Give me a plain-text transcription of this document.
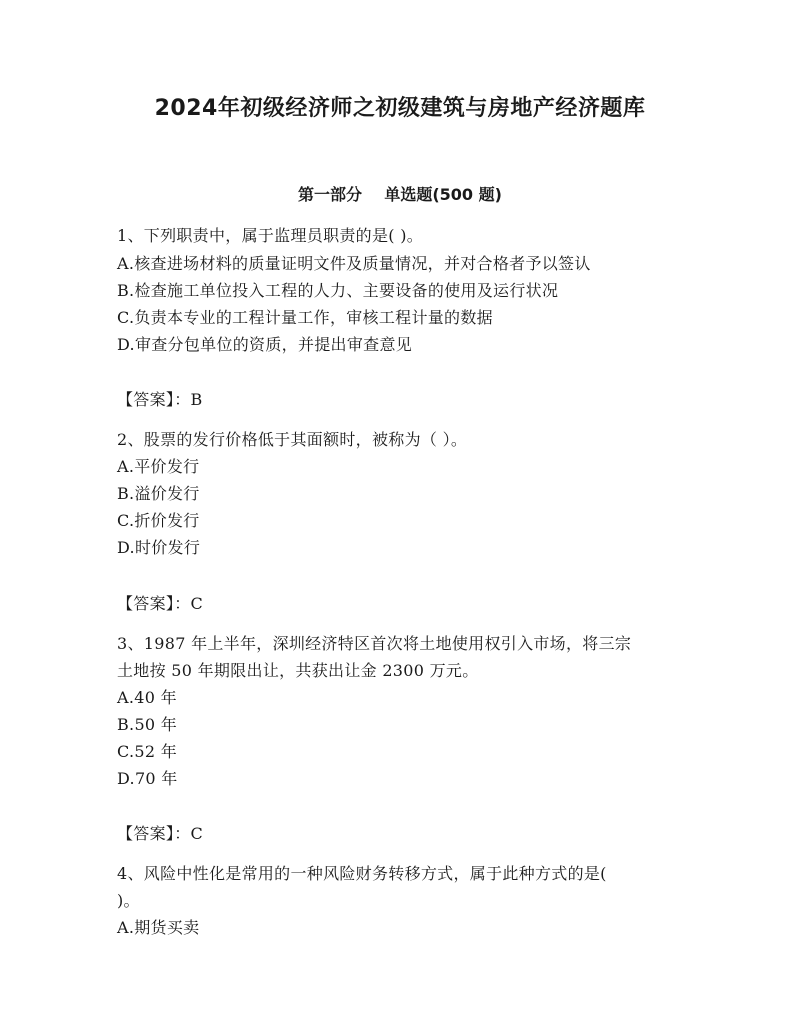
2024年初级经济师之初级建筑与房地产经济题库
第一部分    单选题(500 题)
1、下列职责中，属于监理员职责的是( )。
A.核查进场材料的质量证明文件及质量情况，并对合格者予以签认
B.检查施工单位投入工程的人力、主要设备的使用及运行状况
C.负责本专业的工程计量工作，审核工程计量的数据
D.审查分包单位的资质，并提出审查意见
【答案】：B
2、股票的发行价格低于其面额时，被称为（ ）。
A.平价发行
B.溢价发行
C.折价发行
D.时价发行
【答案】：C
3、1987 年上半年，深圳经济特区首次将土地使用权引入市场，将三宗
土地按 50 年期限出让，共获出让金 2300 万元。
A.40 年
B.50 年
C.52 年
D.70 年
【答案】：C
4、风险中性化是常用的一种风险财务转移方式，属于此种方式的是(
)。
A.期货买卖
